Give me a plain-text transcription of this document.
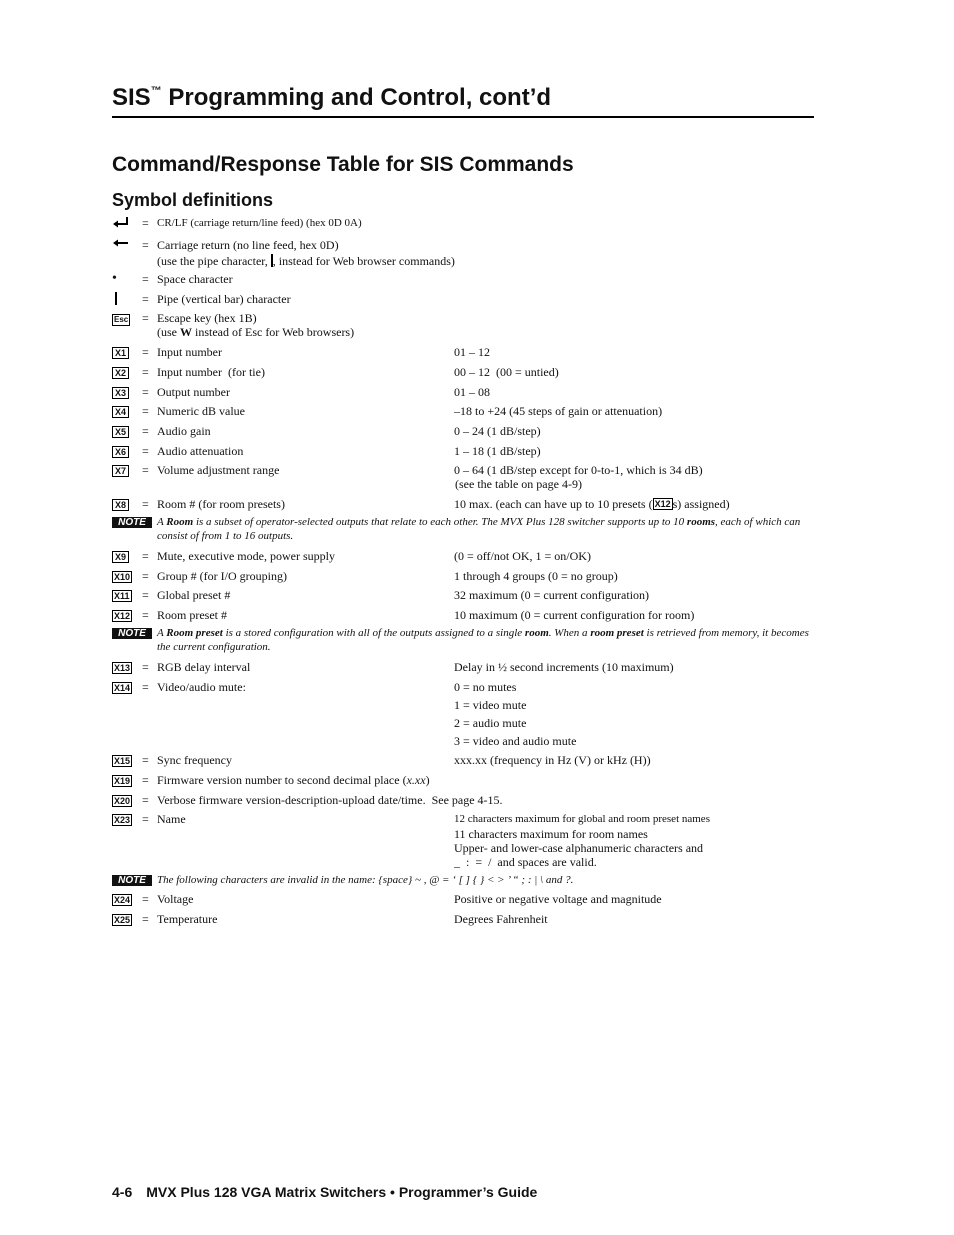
SIS™ Programming and Control, cont’d
Command/Response Table for SIS Commands
Symbol definitions
= CR/LF (carriage return/line feed) (hex 0D 0A)
= Carriage return (no line feed, hex 0D)
(use the pipe character, , instead for Web browser commands)
•	= Space character
= Pipe (vertical bar) character
Esc	= Escape key (hex 1B)
(use W instead of Esc for Web browsers)
X1	= Input number	01 – 12
X2	= Input number  (for tie)	00 – 12  (00 = untied)
X3	= Output number	01 – 08
X4	= Numeric dB value	–18 to +24 (45 steps of gain or attenuation)
X5	= Audio gain	0 – 24 (1 dB/step)
X6	= Audio attenuation	1 – 18 (1 dB/step)
X7	= Volume adjustment range	0 – 64 (1 dB/step except for 0-to-1, which is 34 dB)
(see the table on page 4-9)
X8	= Room # (for room presets)	10 max. (each can have up to 10 presets ( X12 s) assigned)
NOTE A Room is a subset of operator-selected outputs that relate to each other. The MVX Plus 128 switcher supports up to 10 rooms, each of which can consist of from 1 to 16 outputs.
X9	= Mute, executive mode, power supply	(0 = off/not OK, 1 = on/OK)
X10 = Group # (for I/O grouping)	1 through 4 groups (0 = no group)
X11	= Global preset #	32 maximum (0 = current configuration)
X12 = Room preset #	10 maximum (0 = current configuration for room)
NOTE A Room preset is a stored configuration with all of the outputs assigned to a single room. When a room preset is retrieved from memory, it becomes the current configuration.
X13 = RGB delay interval	Delay in ½ second increments (10 maximum)
X14 = Video/audio mute:	0 = no mutes
1 = video mute
2 = audio mute
3 = video and audio mute
X15 = Sync frequency	xxx.xx (frequency in Hz (V) or kHz (H))
X19 = Firmware version number to second decimal place (x.xx)
X20 = Verbose firmware version-description-upload date/time.  See page 4-15.
X23 = Name	12 characters maximum for global and room preset names
11 characters maximum for room names
Upper- and lower-case alphanumeric characters and
_  :  =  /  and spaces are valid.
NOTE The following characters are invalid in the name: {space} ~ , @ = ‘ [ ] { } < > ’ “ ; : | \ and ?.
X24 = Voltage	Positive or negative voltage and magnitude
X25 = Temperature	Degrees Fahrenheit
4-6 MVX Plus 128 VGA Matrix Switchers • Programmer’s Guide
